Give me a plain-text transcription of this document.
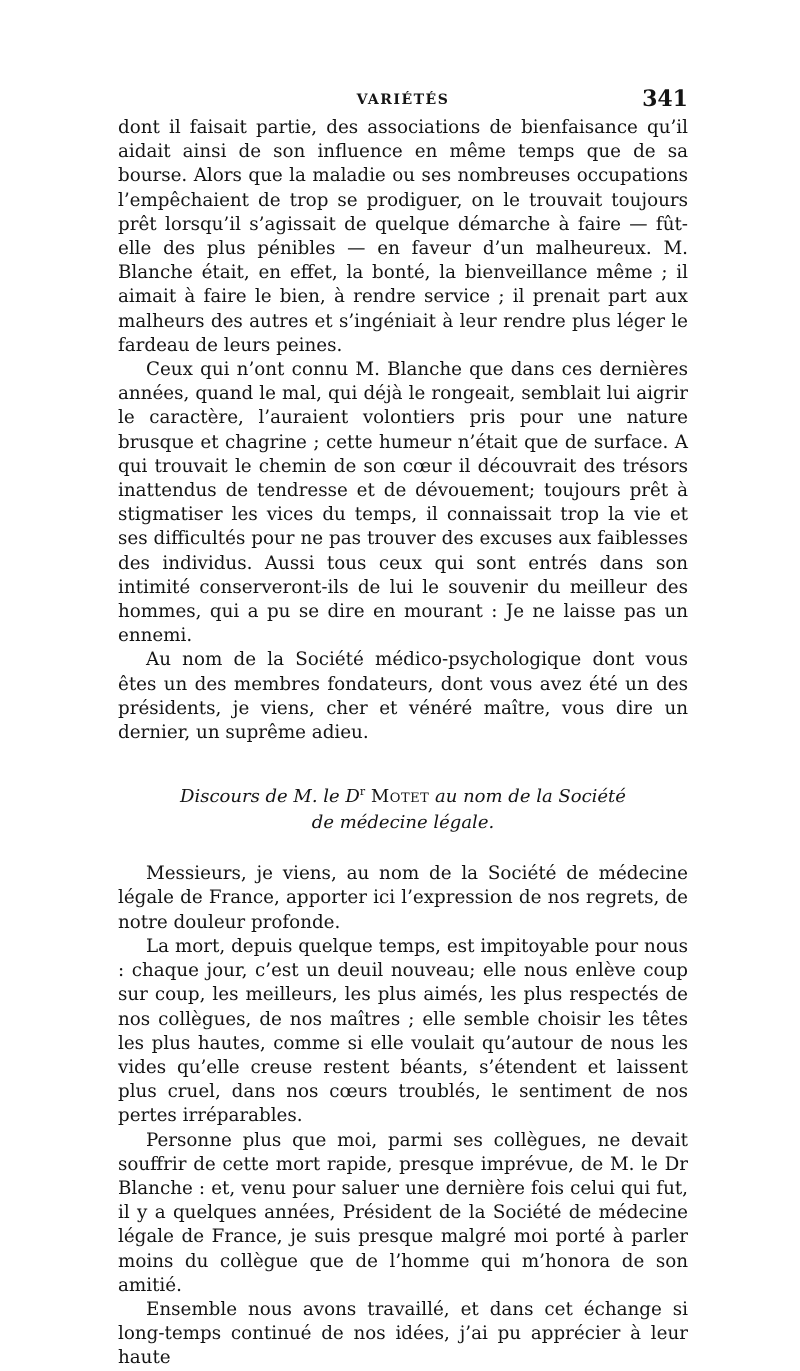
VARIÉTÉS	341

dont il faisait partie, des associations de bienfaisance qu’il aidait ainsi de son influence en même temps que de sa bourse. Alors que la maladie ou ses nombreuses occupations l’empêchaient de trop se prodiguer, on le trouvait toujours prêt lorsqu’il s’agissait de quelque démarche à faire — fût-elle des plus pénibles — en faveur d’un malheureux. M. Blanche était, en effet, la bonté, la bienveillance même ; il aimait à faire le bien, à rendre service ; il prenait part aux malheurs des autres et s’ingéniait à leur rendre plus léger le fardeau de leurs peines.

Ceux qui n’ont connu M. Blanche que dans ces dernières années, quand le mal, qui déjà le rongeait, semblait lui aigrir le caractère, l’auraient volontiers pris pour une nature brusque et chagrine ; cette humeur n’était que de surface. A qui trouvait le chemin de son cœur il découvrait des trésors inattendus de tendresse et de dévouement; toujours prêt à stigmatiser les vices du temps, il connaissait trop la vie et ses difficultés pour ne pas trouver des excuses aux faiblesses des individus. Aussi tous ceux qui sont entrés dans son intimité conserveront-ils de lui le souvenir du meilleur des hommes, qui a pu se dire en mourant : Je ne laisse pas un ennemi.

Au nom de la Société médico-psychologique dont vous êtes un des membres fondateurs, dont vous avez été un des présidents, je viens, cher et vénéré maître, vous dire un dernier, un suprême adieu.

Discours de M. le $D^r$ Motet au nom de la Société
de médecine légale.

Messieurs, je viens, au nom de la Société de médecine légale de France, apporter ici l’expression de nos regrets, de notre douleur profonde.

La mort, depuis quelque temps, est impitoyable pour nous : chaque jour, c’est un deuil nouveau; elle nous enlève coup sur coup, les meilleurs, les plus aimés, les plus respectés de nos collègues, de nos maîtres ; elle semble choisir les têtes les plus hautes, comme si elle voulait qu’autour de nous les vides qu’elle creuse restent béants, s’étendent et laissent plus cruel, dans nos cœurs troublés, le sentiment de nos pertes irréparables.

Personne plus que moi, parmi ses collègues, ne devait souffrir de cette mort rapide, presque imprévue, de M. le Dr Blanche : et, venu pour saluer une dernière fois celui qui fut, il y a quelques années, Président de la Société de médecine légale de France, je suis presque malgré moi porté à parler moins du collègue que de l’homme qui m’honora de son amitié.

Ensemble nous avons travaillé, et dans cet échange si long-temps continué de nos idées, j’ai pu apprécier à leur haute
